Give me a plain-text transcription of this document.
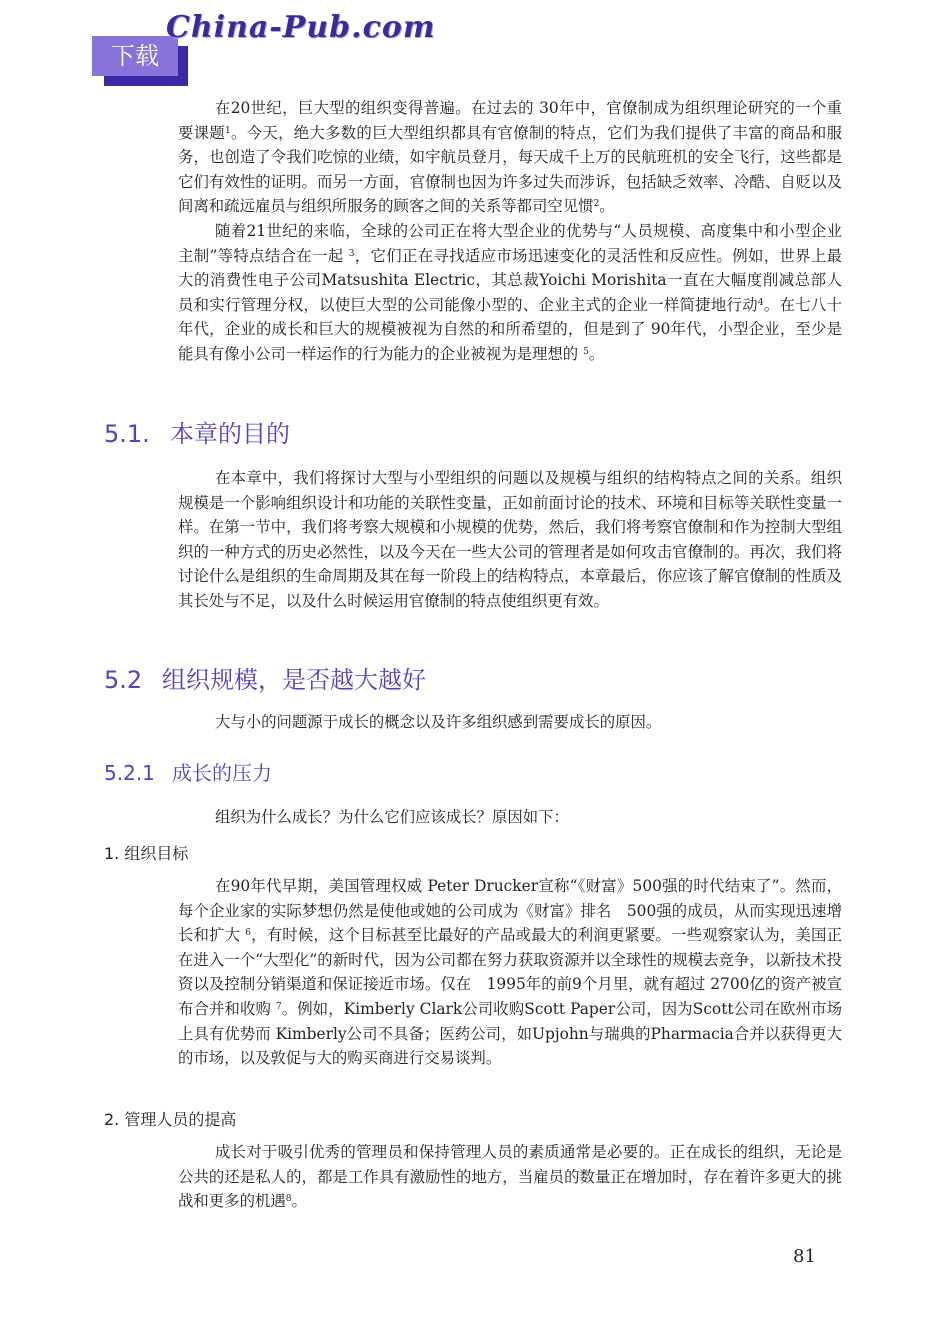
下载
China-Pub.com

在20世纪，巨大型的组织变得普遍。在过去的 30年中，官僚制成为组织理论研究的一个重要课题$^1$。今天，绝大多数的巨大型组织都具有官僚制的特点，它们为我们提供了丰富的商品和服务，也创造了令我们吃惊的业绩，如宇航员登月，每天成千上万的民航班机的安全飞行，这些都是它们有效性的证明。而另一方面，官僚制也因为许多过失而涉诉，包括缺乏效率、冷酷、自贬以及间离和疏远雇员与组织所服务的顾客之间的关系等都司空见惯$^2$。

随着21世纪的来临，全球的公司正在将大型企业的优势与“人员规模、高度集中和小型企业主制”等特点结合在一起 $^3$，它们正在寻找适应市场迅速变化的灵活性和反应性。例如，世界上最大的消费性电子公司Matsushita Electric，其总裁Yoichi Morishita一直在大幅度削减总部人员和实行管理分权，以使巨大型的公司能像小型的、企业主式的企业一样简捷地行动$^4$。在七八十年代，企业的成长和巨大的规模被视为自然的和所希望的，但是到了 90年代，小型企业，至少是能具有像小公司一样运作的行为能力的企业被视为是理想的 $^5$。

5.1. 本章的目的

在本章中，我们将探讨大型与小型组织的问题以及规模与组织的结构特点之间的关系。组织规模是一个影响组织设计和功能的关联性变量，正如前面讨论的技术、环境和目标等关联性变量一样。在第一节中，我们将考察大规模和小规模的优势，然后，我们将考察官僚制和作为控制大型组织的一种方式的历史必然性，以及今天在一些大公司的管理者是如何攻击官僚制的。再次，我们将讨论什么是组织的生命周期及其在每一阶段上的结构特点，本章最后，你应该了解官僚制的性质及其长处与不足，以及什么时候运用官僚制的特点使组织更有效。

5.2 组织规模，是否越大越好

大与小的问题源于成长的概念以及许多组织感到需要成长的原因。

5.2.1 成长的压力

组织为什么成长？为什么它们应该成长？原因如下：

1. 组织目标

在90年代早期，美国管理权威 Peter Drucker宣称“《财富》500强的时代结束了”。然而，每个企业家的实际梦想仍然是使他或她的公司成为《财富》排名　500强的成员，从而实现迅速增长和扩大 $^6$，有时候，这个目标甚至比最好的产品或最大的利润更紧要。一些观察家认为，美国正在进入一个“大型化”的新时代，因为公司都在努力获取资源并以全球性的规模去竞争，以新技术投资以及控制分销渠道和保证接近市场。仅在　1995年的前9个月里，就有超过 2700亿的资产被宣布合并和收购 $^7$。例如，Kimberly Clark公司收购Scott Paper公司，因为Scott公司在欧州市场上具有优势而 Kimberly公司不具备；医药公司，如Upjohn与瑞典的Pharmacia合并以获得更大的市场，以及敦促与大的购买商进行交易谈判。

2. 管理人员的提高

成长对于吸引优秀的管理员和保持管理人员的素质通常是必要的。正在成长的组织，无论是公共的还是私人的，都是工作具有激励性的地方，当雇员的数量正在增加时，存在着许多更大的挑战和更多的机遇$^8$。

81
